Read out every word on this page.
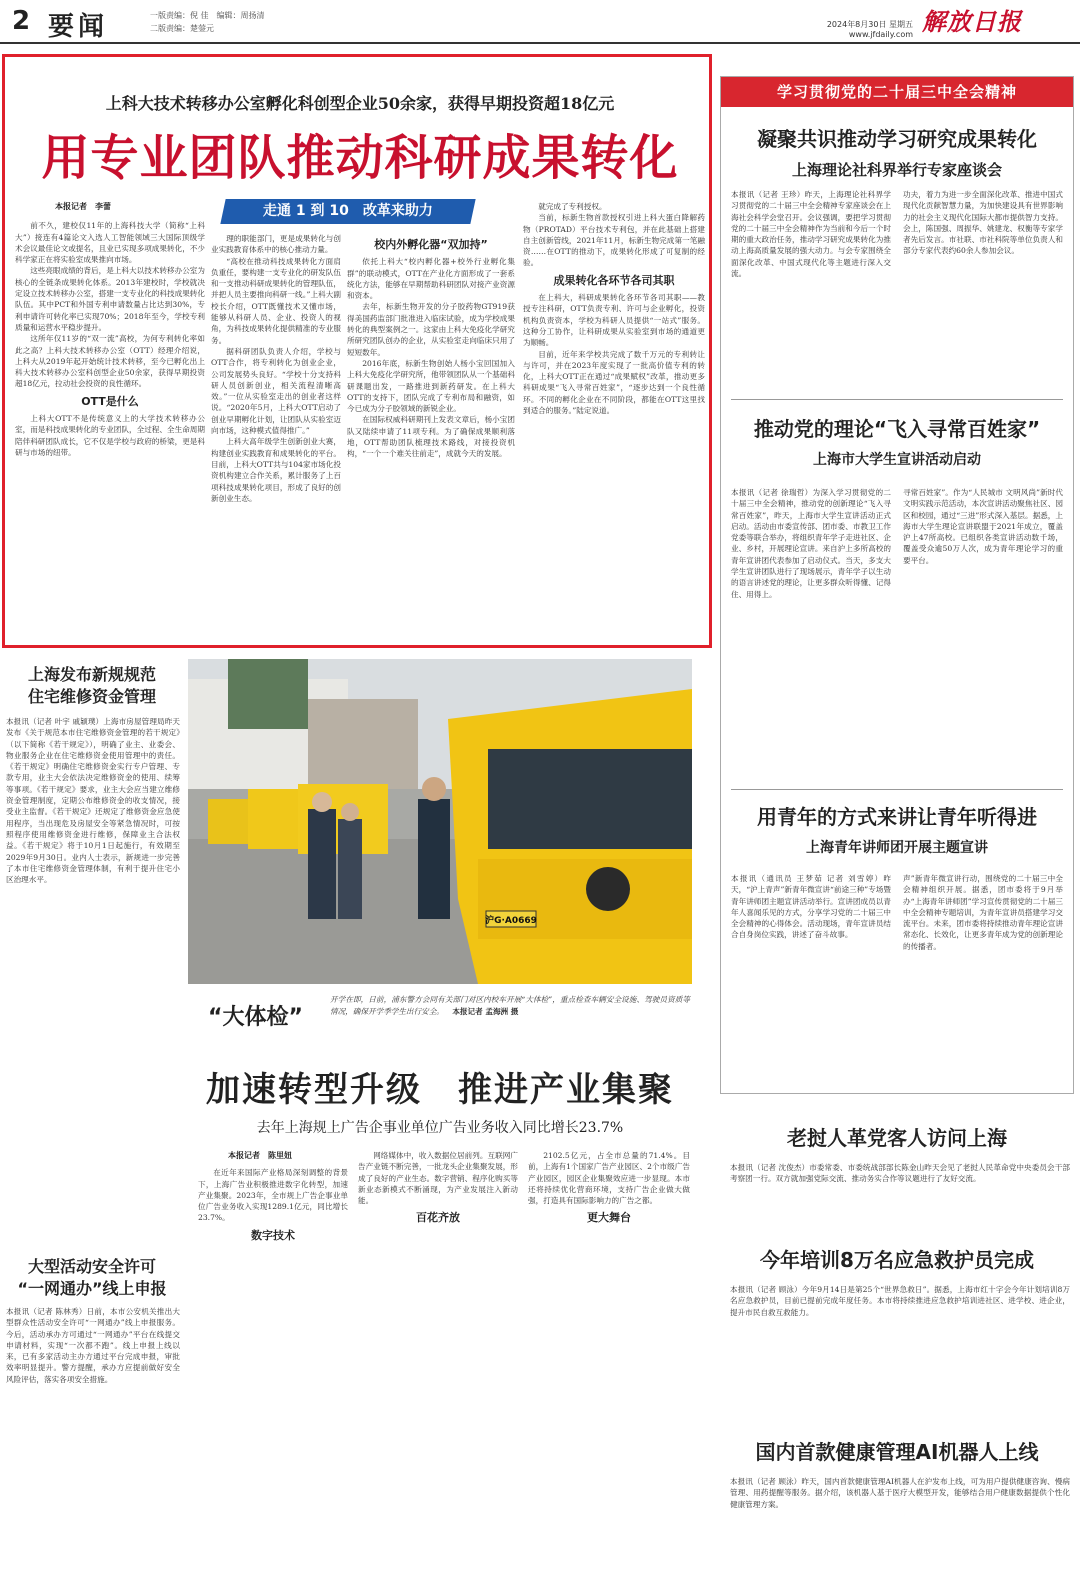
2 要闻	一版责编：倪 佳 编辑：周扬清
二版责编：楚蓥元	2024年8月30日 星期五
www.jfdaily.com 解放日报
上科大技术转移办公室孵化科创型企业50余家，获得早期投资超18亿元
用专业团队推动科研成果转化
走通 1 到 10　改革来助力
本报记者　李蕾

前不久，建校仅11年的上海科技大学（简称“上科大”）接连有4篇论文入选人工智能领域三大国际顶级学术会议最佳论文或提名，且业已实现多项成果转化，不少科学家正在将实验室成果推向市场。

这些亮眼成绩的背后，是上科大以技术转移办公室为核心的全链条成果转化体系。2013年建校时，学校就决定设立技术转移办公室，搭建一支专业化的科技成果转化队伍。其中PCT和外国专利申请数量占比达到30%，专利申请许可转化率已实现70%；2018年至今，学校专利质量和运营水平稳步提升。

这所年仅11岁的“双一流”高校，为何专利转化率如此之高？上科大技术转移办公室（OTT）经理介绍说，上科大从2019年起开始统计技术转移，至今已孵化出上科大技术转移办公室科创型企业50余家，获得早期投资超18亿元，拉动社会投资的良性循环。

OTT是什么

上科大OTT不是传统意义上的大学技术转移办公室，而是科技成果转化的专业团队，全过程、全生命周期陪伴科研团队成长，它不仅是学校与政府的桥梁，更是科研与市场的纽带。

理的职能部门，更是成果转化与创业实践教育体系中的核心推动力量。

“高校在推动科技成果转化方面肩负重任，要构建一支专业化的研发队伍和一支推动科研成果转化的管理队伍，并把人员主要推向科研一线。”上科大副校长介绍，OTT既懂技术又懂市场，能够从科研人员、企业、投资人的视角，为科技成果转化提供精准的专业服务。

据科研团队负责人介绍，学校与OTT合作，将专利转化为创业企业，公司发展势头良好。“学校十分支持科研人员创新创业，相关流程清晰高效。”一位从实验室走出的创业者这样说。“2020年5月，上科大OTT启动了创业早期孵化计划，让团队从实验室迈向市场，这种模式值得推广。”

上科大高年级学生创新创业大赛，构建创业实践教育和成果转化的平台。目前，上科大OTT共与104家市场化投资机构建立合作关系，累计服务了上百项科技成果转化项目，形成了良好的创新创业生态。

校内外孵化器“双加持”

依托上科大“校内孵化器+校外行业孵化集群”的联动模式，OTT在产业化方面形成了一套系统化方法，能够在早期帮助科研团队对接产业资源和资本。

去年，标新生物开发的分子胶药物GT919获得美国药监部门批准进入临床试验，成为学校成果转化的典型案例之一。这家由上科大免疫化学研究所研究团队创办的企业，从实验室走向临床只用了短短数年。

2016年底，标新生物创始人杨小宝回国加入上科大免疫化学研究所，他带领团队从一个基础科研课题出发，一路推进到新药研发。在上科大OTT的支持下，团队完成了专利布局和融资，如今已成为分子胶领域的新锐企业。

在国际权威科研期刊上发表文章后，杨小宝团队又陆续申请了11项专利。为了确保成果顺利落地，OTT帮助团队梳理技术路线，对接投资机构，“一个一个难关往前走”，成就今天的发展。

就完成了专利授权。

当前，标新生物首款授权引进上科大蛋白降解药物（PROTAD）平台技术专利包，并在此基础上搭建自主创新管线，2021年11月，标新生物完成第一笔融资……在OTT的推动下，成果转化形成了可复制的经验。

成果转化各环节各司其职

在上科大，科研成果转化各环节各司其职——教授专注科研，OTT负责专利、许可与企业孵化，投资机构负责资本，学校为科研人员提供“一站式”服务。这种分工协作，让科研成果从实验室到市场的通道更为顺畅。

目前，近年来学校共完成了数千万元的专利转让与许可，并在2023年度实现了一批高价值专利的转化，上科大OTT正在通过“成果赋权”改革，推动更多科研成果“飞入寻常百姓家”，“逐步达到一个良性循环。不同的孵化企业在不同阶段，都能在OTT这里找到适合的服务。”陆定说道。

学习贯彻党的二十届三中全会精神
凝聚共识推动学习研究成果转化
上海理论社科界举行专家座谈会
本报讯（记者 王珍）昨天，上海理论社科界学习贯彻党的二十届三中全会精神专家座谈会在上海社会科学会堂召开。会议强调，要把学习贯彻党的二十届三中全会精神作为当前和今后一个时期的重大政治任务，推动学习研究成果转化为推动上海高质量发展的强大动力。与会专家围绕全面深化改革、中国式现代化等主题进行深入交流。
功夫，着力为进一步全面深化改革、推进中国式现代化贡献智慧力量，为加快建设具有世界影响力的社会主义现代化国际大都市提供智力支持。会上，陈国强、周振华、姚建龙、权衡等专家学者先后发言。市社联、市社科院等单位负责人和部分专家代表约60余人参加会议。
推动党的理论“飞入寻常百姓家”
上海市大学生宣讲活动启动
本报讯（记者 徐瑞哲）为深入学习贯彻党的二十届三中全会精神，推动党的创新理论“飞入寻常百姓家”，昨天，上海市大学生宣讲活动正式启动。活动由市委宣传部、团市委、市教卫工作党委等联合举办，将组织青年学子走进社区、企业、乡村，开展理论宣讲。来自沪上多所高校的青年宣讲团代表参加了启动仪式。当天，多支大学生宣讲团队进行了现场展示，青年学子以生动的语言讲述党的理论，让更多群众听得懂、记得住、用得上。
寻常百姓家”。作为“人民城市 文明风尚”新时代文明实践示范活动，本次宣讲活动聚焦社区、园区和校园，通过“三进”形式深入基层。据悉，上海市大学生理论宣讲联盟于2021年成立，覆盖沪上47所高校。已组织各类宣讲活动数千场，覆盖受众逾50万人次，成为青年理论学习的重要平台。
用青年的方式来讲让青年听得进
上海青年讲师团开展主题宣讲
本报讯（通讯员 王梦茹 记者 刘雪婷）昨天，“沪上青声”新青年微宣讲“前途三种”专场暨青年讲师团主题宣讲活动举行。宣讲团成员以青年人喜闻乐见的方式，分享学习党的二十届三中全会精神的心得体会。活动现场，青年宣讲员结合自身岗位实践，讲述了奋斗故事。
声”新青年微宣讲行动，围绕党的二十届三中全会精神组织开展。据悉，团市委将于9月举办“上海青年讲师团”学习宣传贯彻党的二十届三中全会精神专题培训，为青年宣讲员搭建学习交流平台。未来，团市委将持续推动青年理论宣讲常态化、长效化，让更多青年成为党的创新理论的传播者。
上海发布新规规范
住宅维修资金管理
本报讯（记者 叶宇 戚颖璞）上海市房屋管理局昨天发布《关于规范本市住宅维修资金管理的若干规定》（以下简称《若干规定》），明确了业主、业委会、物业服务企业在住宅维修资金使用管理中的责任。《若干规定》明确住宅维修资金实行专户管理、专款专用，业主大会依法决定维修资金的使用、续筹等事项。《若干规定》要求，业主大会应当建立维修资金管理制度，定期公布维修资金的收支情况，接受业主监督。《若干规定》还规定了维修资金应急使用程序，当出现危及房屋安全等紧急情况时，可按照程序使用维修资金进行维修，保障业主合法权益。《若干规定》将于10月1日起施行，有效期至2029年9月30日。业内人士表示，新规进一步完善了本市住宅维修资金管理体制，有利于提升住宅小区治理水平。
大型活动安全许可
“一网通办”线上申报
本报讯（记者 陈林秀）日前，本市公安机关推出大型群众性活动安全许可“一网通办”线上申报服务。今后，活动承办方可通过“一网通办”平台在线提交申请材料，实现“一次都不跑”。线上申报上线以来，已有多家活动主办方通过平台完成申报，审批效率明显提升。警方提醒，承办方应提前做好安全风险评估，落实各项安全措施。
沪G·A0669
“大体检”
开学在即，日前，浦东警方会同有关部门对区内校车开展“大体检”，重点检查车辆安全设施、驾驶员资质等情况，确保开学季学生出行安全。 本报记者 孟海洲 摄
加速转型升级　推进产业集聚
去年上海规上广告企事业单位广告业务收入同比增长23.7%
本报记者　陈里妞

在近年来国际产业格局深刻调整的背景下，上海广告业积极推进数字化转型，加速产业集聚。2023年，全市规上广告企事业单位广告业务收入实现1289.1亿元，同比增长23.7%。

数字技术

网络媒体中，收入数据位居前列。互联网广告产业链不断完善，一批龙头企业集聚发展，形成了良好的产业生态。数字营销、程序化购买等新业态新模式不断涌现，为产业发展注入新动能。

百花齐放

2102.5亿元，占全市总量的71.4%。目前，上海有1个国家广告产业园区、2个市级广告产业园区，园区企业集聚效应进一步显现。本市还将持续优化营商环境，支持广告企业做大做强，打造具有国际影响力的广告之都。

更大舞台
老挝人革党客人访问上海
本报讯（记者 沈俊杰）市委常委、市委统战部部长陈金山昨天会见了老挝人民革命党中央委员会干部考察团一行。双方就加强党际交流、推动务实合作等议题进行了友好交流。
今年培训8万名应急救护员完成
本报讯（记者 顾泳）今年9月14日是第25个“世界急救日”。据悉，上海市红十字会今年计划培训8万名应急救护员，目前已提前完成年度任务。本市将持续推进应急救护培训进社区、进学校、进企业，提升市民自救互救能力。
国内首款健康管理AI机器人上线
本报讯（记者 顾泳）昨天，国内首款健康管理AI机器人在沪发布上线，可为用户提供健康咨询、慢病管理、用药提醒等服务。据介绍，该机器人基于医疗大模型开发，能够结合用户健康数据提供个性化健康管理方案。
